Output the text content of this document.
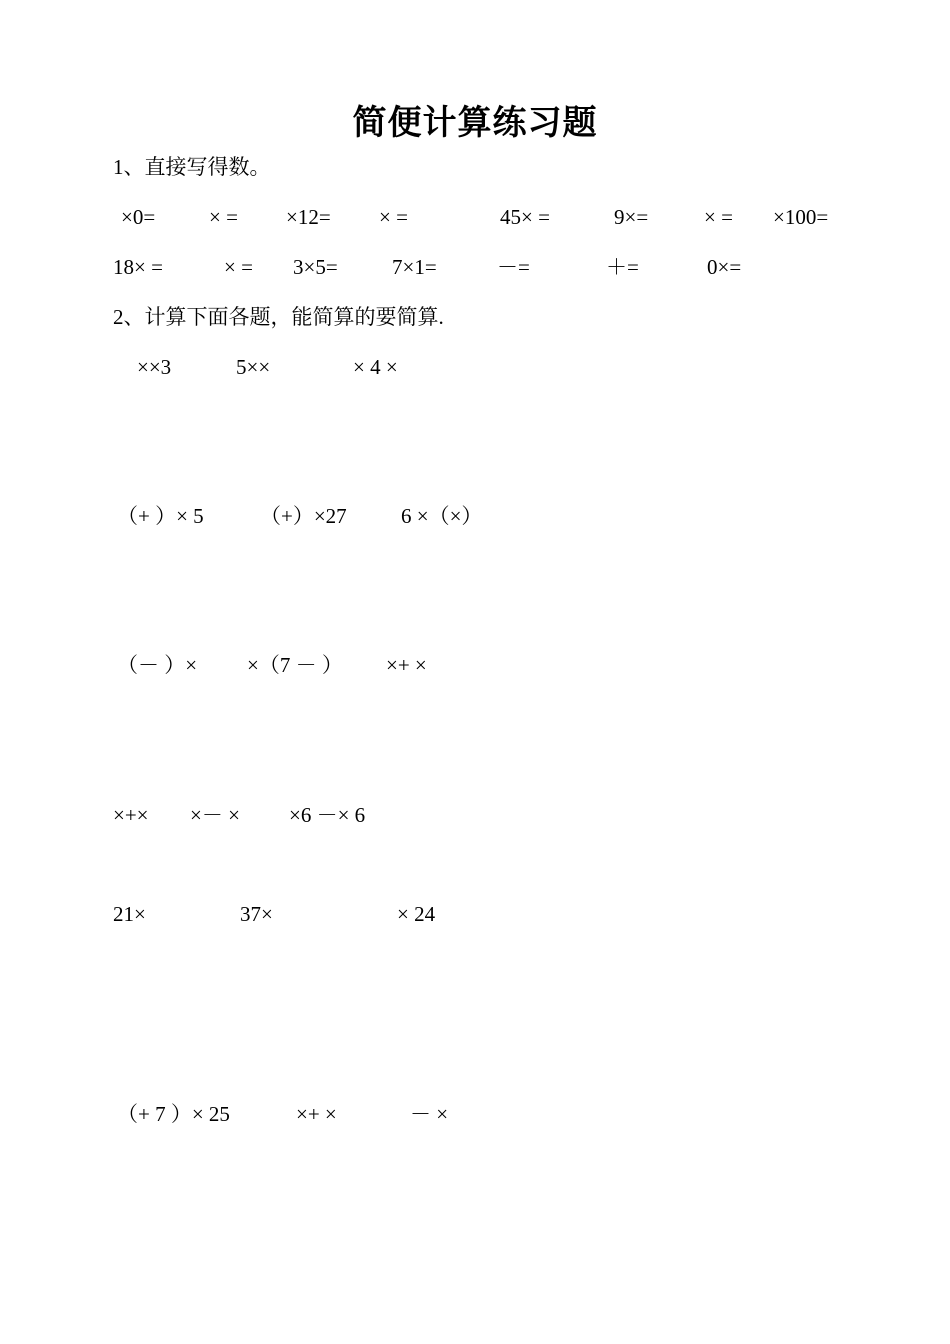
简便计算练习题
1、直接写得数。
×0=	× = ×12= × =	45× =	9×=	× = ×100=
18× =	× = 3×5=	7×1=	－=	＋=	0×=
2、计算下面各题，能简算的要简算.
××3	5××	× 4 ×
（+ ）× 5	（+）×27	6 ×（×）
（－ ）× ×（7 － ） ×+ ×
×+× ×－ × ×6 －× 6
21×	37×	× 24
（+ 7 ）× 25	×+ ×	－ ×
